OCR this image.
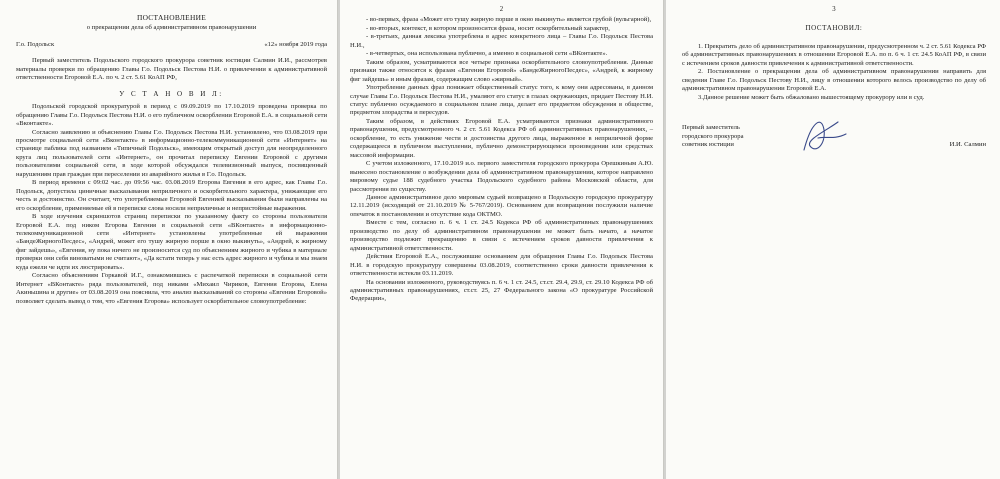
ПОСТАНОВЛЕНИЕ
о прекращении дела об административном правонарушении
Г.о. Подольск	«12» ноября 2019 года

Первый заместитель Подольского городского прокурора советник юстиции Салмин И.И., рассмотрев материалы проверки по обращению Главы Г.о. Подольск Пестова Н.И. о привлечении к административной ответственности Егоровой Е.А. по ч. 2 ст. 5.61 КоАП РФ,

У С Т А Н О В И Л:

Подольской городской прокуратурой в период с 09.09.2019 по 17.10.2019 проведена проверка по обращению Главы Г.о. Подольск Пестова Н.И. о его публичном оскорблении Егоровой Е.А. в социальной сети «Вконтакте».

Согласно заявлению и объяснению Главы Г.о. Подольск Пестова Н.И. установлено, что 03.08.2019 при просмотре социальной сети «Вконтакте» в информационно-телекоммуникационной сети «Интернет» на странице паблика под названием «Типичный Подольск», имеющим открытый доступ для неопределенного круга лиц пользователей сети «Интернет», он прочитал переписку Евгении Егоровой с другими пользователями социальной сети, в ходе которой обсуждался телевизионный выпуск, посвященный нарушениям прав граждан при переселении из аварийного жилья в Г.о. Подольск.

В период времени с 09:02 час. до 09:56 час. 03.08.2019 Егорова Евгения в его адрес, как Главы Г.о. Подольск, допустила циничные высказывания неприличного и оскорбительного характера, унижающие его честь и достоинство. Он считает, что употребляемые Егоровой Евгенией высказывания были направлены на его оскорбление, применяемые ей в переписке слова носили неприличные и непристойные выражения.

В ходе изучения скриншотов страниц переписки по указанному факту со стороны пользователя Егоровой Е.А. под ником Егорова Евгения в социальной сети «ВКонтакте» в информационно-телекоммуникационной сети «Интернет» установлены употребленные ей выражения «БандеЖирногоПесдес», «Андрей, может его тушу жирную порше в окно выкинуть», «Андрей, к жирному фиг зайдешь», «Евгения, ну пока ничего не произносится суд по объяснениям жирного и чубика в материале проверки они себя виноватыми не считают», «Да кстати теперь у нас есть адрес жирного и чубика и мы знаем куда ежели че идти их люстрировать».

Согласно объяснениям Горкавой И.Г., ознакомившись с распечаткой переписки в социальной сети Интернет «ВКонтакте» ряда пользователей, под никами «Михаил Чириков, Евгения Егорова, Елена Акиньшина и другие» от 03.08.2019 она пояснила, что анализ высказываний со стороны «Евгении Егоровой» позволяет сделать вывод о том, что «Евгения Егорова» использует оскорбительное словоупотребление:

2

- во-первых, фраза «Может его тушу жирную порше в окно выкинуть» является грубой (вульгарной),

- во-вторых, контекст, в котором произносится фраза, носит оскорбительный характер,

- в-третьих, данная лексика употреблена в адрес конкретного лица – Главы Г.о. Подольск Пестова Н.И.,

- в-четвертых, она использована публично, а именно в социальной сети «ВКонтакте».

Таким образом, усматриваются все четыре признака оскорбительного словоупотребления. Данные признаки также относятся к фразам «Евгения Егоровой» «БандеЖирногоПесдес», «Андрей, к жирному фиг зайдешь» и иным фразам, содержащим слово «жирный».

Употребление данных фраз понижает общественный статус того, к кому они адресованы, в данном случае Главы Г.о. Подольск Пестова Н.И., умаляют его статус в глазах окружающих, придает Пестову Н.И. статус публично осуждаемого в социальном плане лица, делает его предметом обсуждения в обществе, предметом злорадства и пересудов.

Таким образом, в действиях Егоровой Е.А. усматриваются признаки административного правонарушения, предусмотренного ч. 2 ст. 5.61 Кодекса РФ об административных правонарушениях, – оскорбление, то есть унижение чести и достоинства другого лица, выраженное в неприличной форме содержащееся в публичном выступлении, публично демонстрирующемся произведении или средствах массовой информации.

С учетом изложенного, 17.10.2019 и.о. первого заместителя городского прокурора Орешкиным А.Ю. вынесено постановление о возбуждении дела об административном правонарушении, которое направлено мировому судье 188 судебного участка Подольского судебного района Московской области, для рассмотрения по существу.

Данное административное дело мировым судьей возвращено в Подольскую городскую прокуратуру 12.11.2019 (исходящий от 21.10.2019 № 5-767/2019). Основанием для возвращения послужили наличие опечаток в постановлении и отсутствие кода ОКТМО.

Вместе с тем, согласно п. 6 ч. 1 ст. 24.5 Кодекса РФ об административных правонарушениях производство по делу об административном правонарушении не может быть начато, а начатое производство подлежит прекращению в связи с истечением сроков давности привлечения к административной ответственности.

Действия Егоровой Е.А., послужившие основанием для обращения Главы Г.о. Подольск Пестова Н.И. в городскую прокуратуру совершены 03.08.2019, соответственно сроки давности привлечения к ответственности истекли 03.11.2019.

На основании изложенного, руководствуясь п. 6 ч. 1 ст. 24.5, ст.ст. 29.4, 29.9, ст. 29.10 Кодекса РФ об административных правонарушениях, ст.ст. 25, 27 Федерального закона «О прокуратуре Российской Федерации»,

3
ПОСТАНОВИЛ:

1. Прекратить дело об административном правонарушении, предусмотренном ч. 2 ст. 5.61 Кодекса РФ об административных правонарушениях в отношении Егоровой Е.А. по п. 6 ч. 1 ст. 24.5 КоАП РФ, в связи с истечением сроков давности привлечения к административной ответственности.

2. Постановление о прекращении дела об административном правонарушении направить для сведения Главе Г.о. Подольск Пестову Н.И., лицу в отношении которого велось производство по делу об административном правонарушении Егоровой Е.А.

3.Данное решение может быть обжаловано вышестоящему прокурору или в суд.

Первый заместитель
городского прокурора
советник юстиции	И.И. Салмин
